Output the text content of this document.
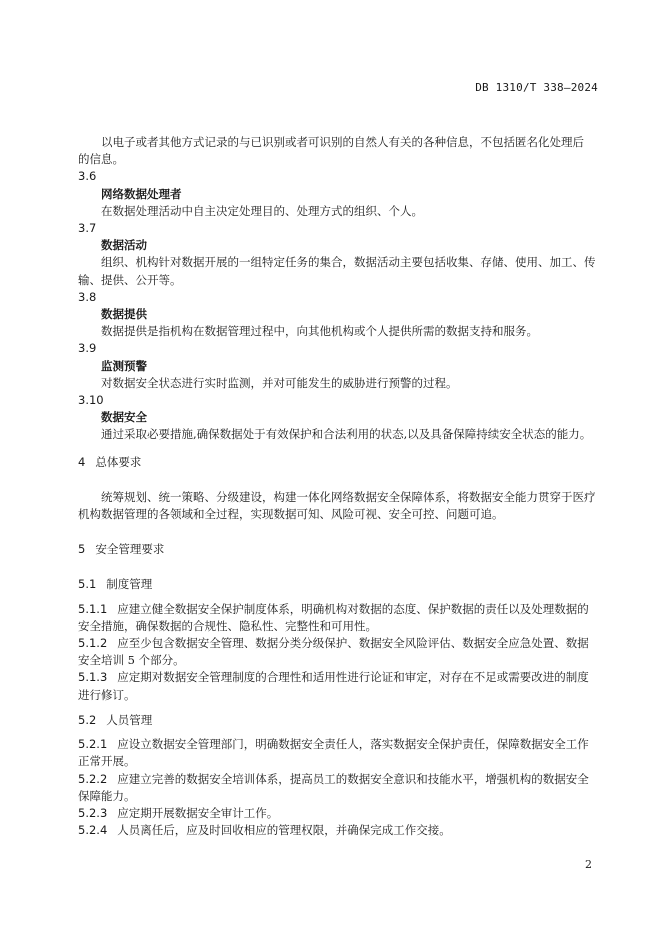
DB 1310/T 338—2024
以电子或者其他方式记录的与已识别或者可识别的自然人有关的各种信息，不包括匿名化处理后
的信息。
3.6
网络数据处理者
在数据处理活动中自主决定处理目的、处理方式的组织、个人。
3.7
数据活动
组织、机构针对数据开展的一组特定任务的集合，数据活动主要包括收集、存储、使用、加工、传
输、提供、公开等。
3.8
数据提供
数据提供是指机构在数据管理过程中，向其他机构或个人提供所需的数据支持和服务。
3.9
监测预警
对数据安全状态进行实时监测，并对可能发生的威胁进行预警的过程。
3.10
数据安全
通过采取必要措施,确保数据处于有效保护和合法利用的状态,以及具备保障持续安全状态的能力。
4 总体要求
统筹规划、统一策略、分级建设，构建一体化网络数据安全保障体系，将数据安全能力贯穿于医疗
机构数据管理的各领域和全过程，实现数据可知、风险可视、安全可控、问题可追。
5 安全管理要求
5.1 制度管理
5.1.1 应建立健全数据安全保护制度体系，明确机构对数据的态度、保护数据的责任以及处理数据的
安全措施，确保数据的合规性、隐私性、完整性和可用性。
5.1.2 应至少包含数据安全管理、数据分类分级保护、数据安全风险评估、数据安全应急处置、数据
安全培训 5 个部分。
5.1.3 应定期对数据安全管理制度的合理性和适用性进行论证和审定，对存在不足或需要改进的制度
进行修订。
5.2 人员管理
5.2.1 应设立数据安全管理部门，明确数据安全责任人，落实数据安全保护责任，保障数据安全工作
正常开展。
5.2.2 应建立完善的数据安全培训体系，提高员工的数据安全意识和技能水平，增强机构的数据安全
保障能力。
5.2.3 应定期开展数据安全审计工作。
5.2.4 人员离任后，应及时回收相应的管理权限，并确保完成工作交接。
2
